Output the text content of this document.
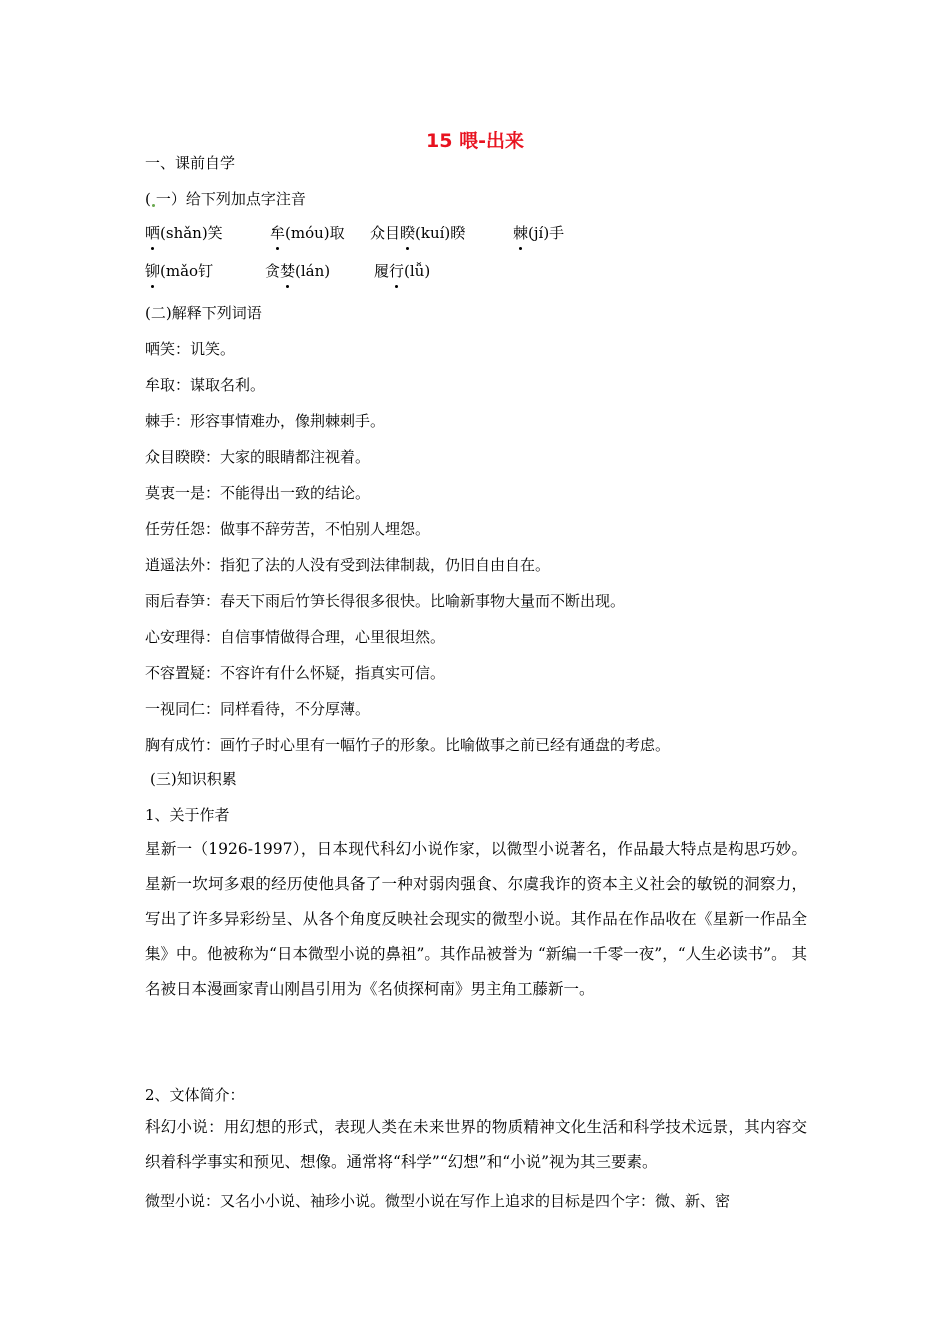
15 喂-出来
一、课前自学
( 一）给下列加点字注音
哂(shǎn)笑	牟(móu)取 众目睽(kuí)睽	棘(jí)手
铆(mǎo钉	贪婪(lán)	履行(lǚ)
(二)解释下列词语
哂笑：讥笑。
牟取：谋取名利。
棘手：形容事情难办，像荆棘刺手。
众目睽睽：大家的眼睛都注视着。
莫衷一是：不能得出一致的结论。
任劳任怨：做事不辞劳苦，不怕别人埋怨。
逍遥法外：指犯了法的人没有受到法律制裁，仍旧自由自在。
雨后春笋：春天下雨后竹笋长得很多很快。比喻新事物大量而不断出现。
心安理得：自信事情做得合理，心里很坦然。
不容置疑：不容许有什么怀疑，指真实可信。
一视同仁：同样看待，不分厚薄。
胸有成竹：画竹子时心里有一幅竹子的形象。比喻做事之前已经有通盘的考虑。
(三)知识积累
1、关于作者
星新一（1926-1997），日本现代科幻小说作家，以微型小说著名，作品最大特点是构思巧妙。星新一坎坷多艰的经历使他具备了一种对弱肉强食、尔虞我诈的资本主义社会的敏锐的洞察力，写出了许多异彩纷呈、从各个角度反映社会现实的微型小说。其作品在作品收在《星新一作品全集》中。他被称为“日本微型小说的鼻祖”。其作品被誉为 “新编一千零一夜”，“人生必读书”。 其名被日本漫画家青山刚昌引用为《名侦探柯南》男主角工藤新一。
2、文体简介：
科幻小说：用幻想的形式，表现人类在未来世界的物质精神文化生活和科学技术远景，其内容交织着科学事实和预见、想像。通常将“科学”“幻想”和“小说”视为其三要素。
微型小说：又名小小说、袖珍小说。微型小说在写作上追求的目标是四个字：微、新、密
